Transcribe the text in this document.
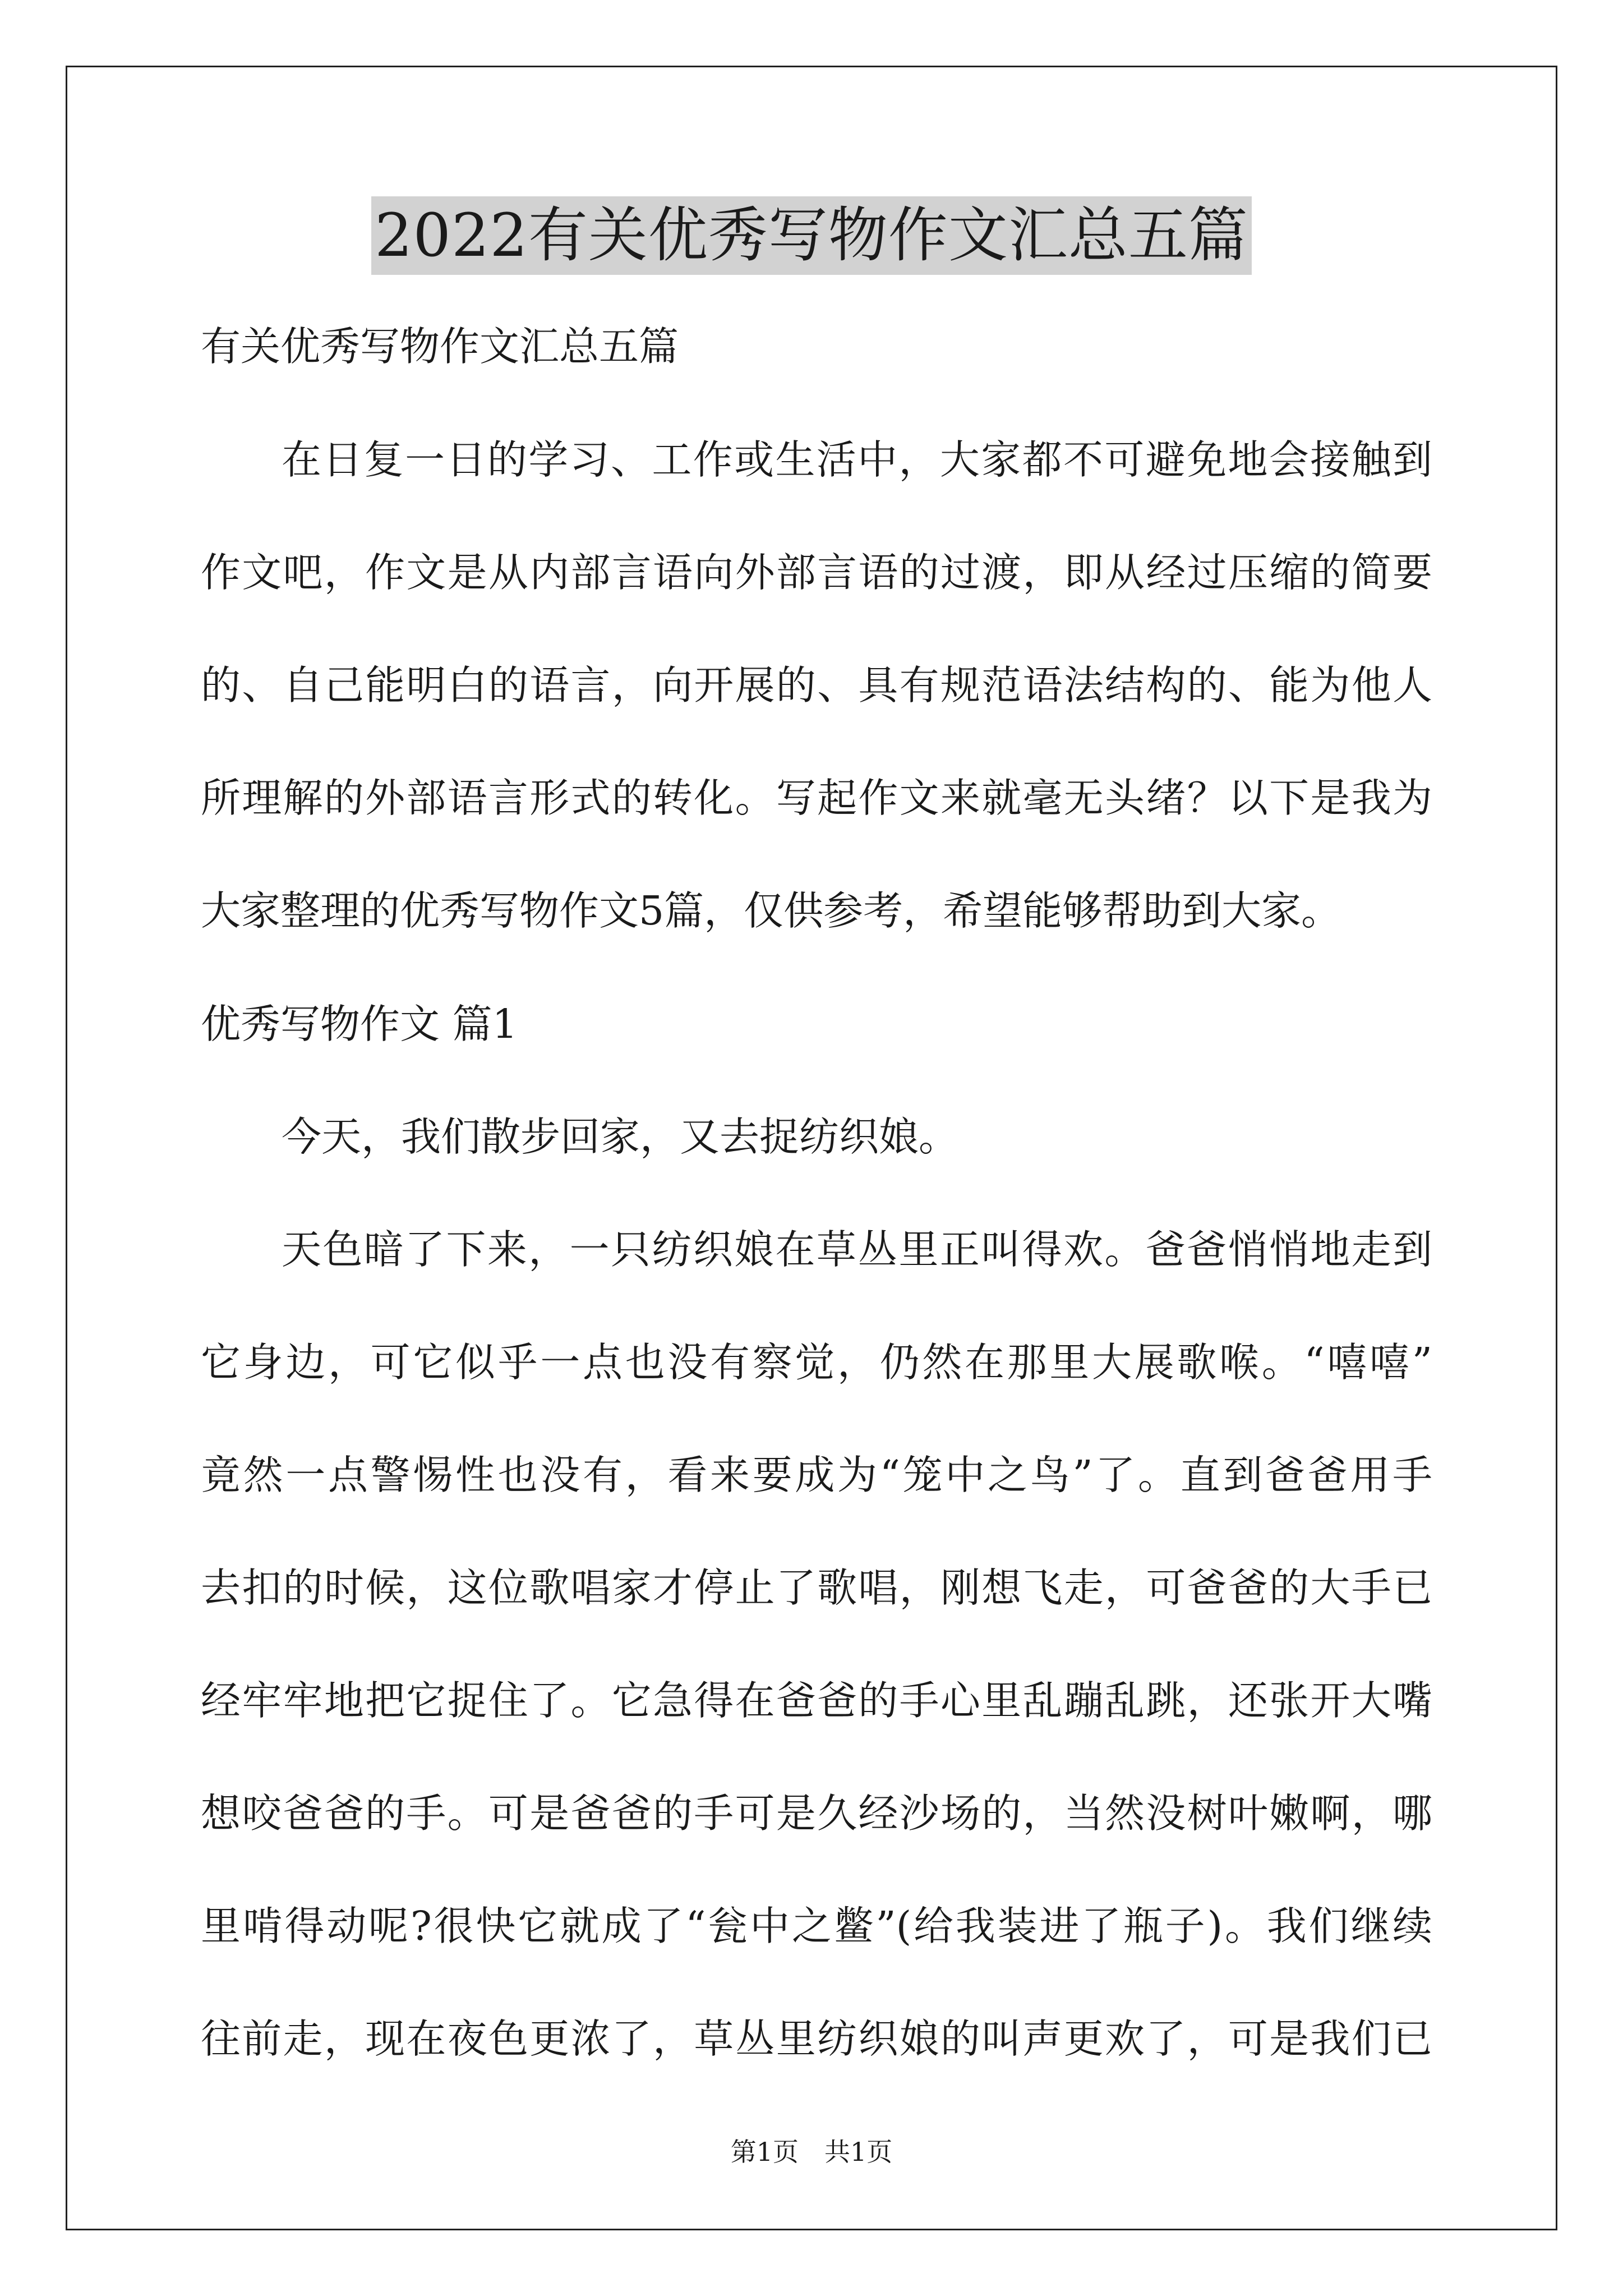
2022有关优秀写物作文汇总五篇
有关优秀写物作文汇总五篇
在日复一日的学习、工作或生活中，大家都不可避免地会接触到
作文吧，作文是从内部言语向外部言语的过渡，即从经过压缩的简要
的、自己能明白的语言，向开展的、具有规范语法结构的、能为他人
所理解的外部语言形式的转化。写起作文来就毫无头绪？以下是我为
大家整理的优秀写物作文5篇，仅供参考，希望能够帮助到大家。
优秀写物作文 篇1
今天，我们散步回家，又去捉纺织娘。
天色暗了下来，一只纺织娘在草丛里正叫得欢。爸爸悄悄地走到
它身边，可它似乎一点也没有察觉，仍然在那里大展歌喉。“嘻嘻”
竟然一点警惕性也没有，看来要成为“笼中之鸟”了。直到爸爸用手
去扣的时候，这位歌唱家才停止了歌唱，刚想飞走，可爸爸的大手已
经牢牢地把它捉住了。它急得在爸爸的手心里乱蹦乱跳，还张开大嘴
想咬爸爸的手。可是爸爸的手可是久经沙场的，当然没树叶嫩啊，哪
里啃得动呢?很快它就成了“瓮中之鳖”(给我装进了瓶子)。我们继续
往前走，现在夜色更浓了，草丛里纺织娘的叫声更欢了，可是我们已
第1页　共1页
